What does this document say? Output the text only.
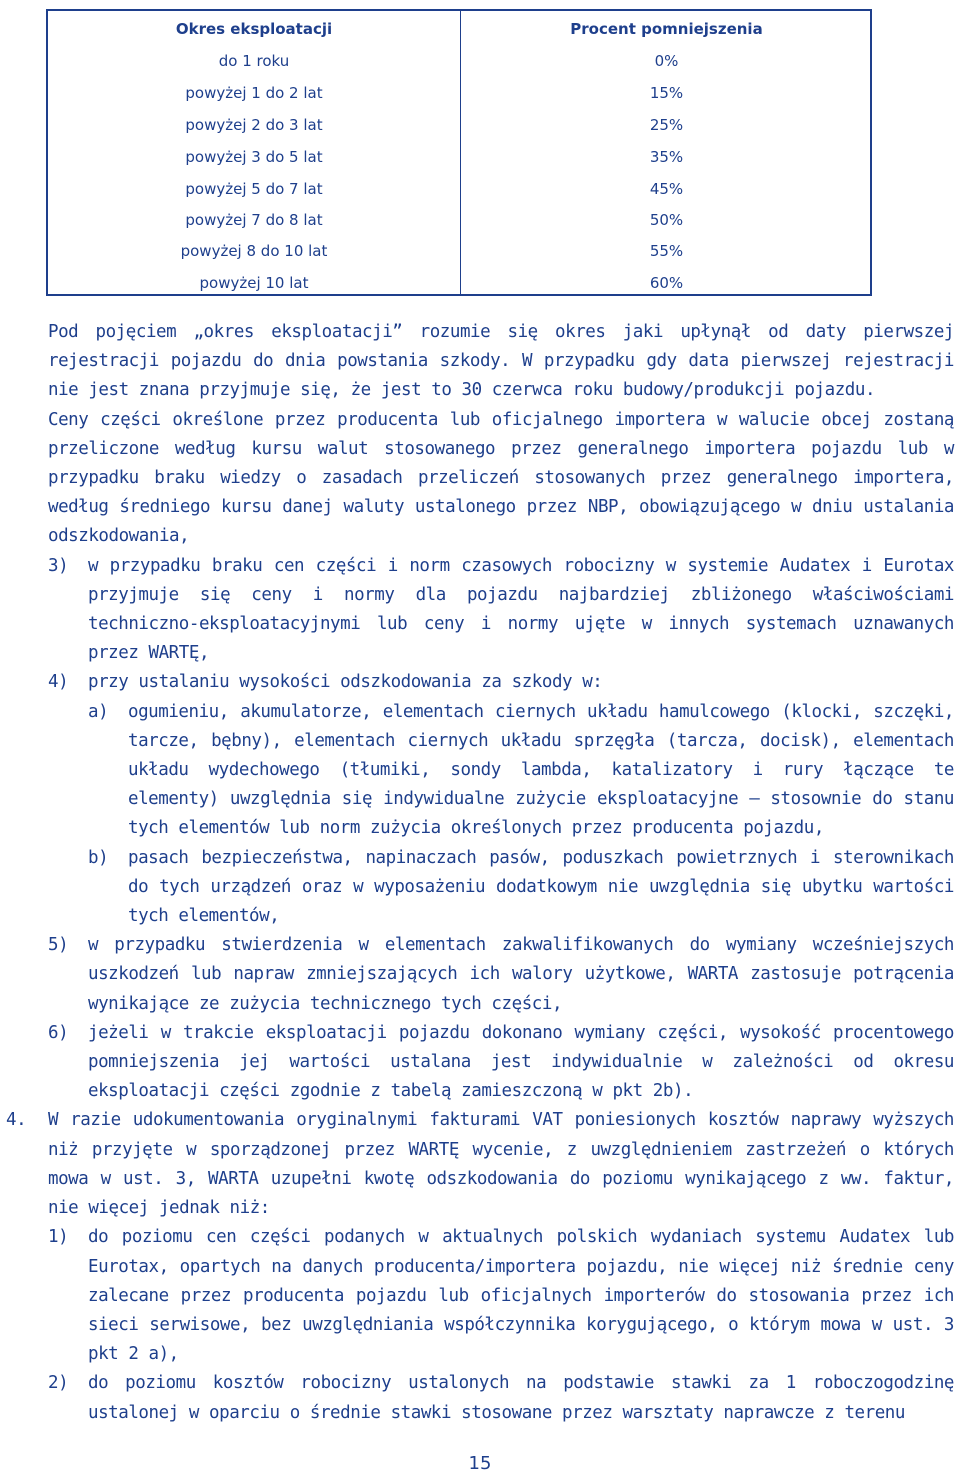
Okres eksploatacji	Procent pomniejszenia
do 1 roku	0%
powyżej 1 do 2 lat	15%
powyżej 2 do 3 lat	25%
powyżej 3 do 5 lat	35%
powyżej 5 do 7 lat	45%
powyżej 7 do 8 lat	50%
powyżej 8 do 10 lat	55%
powyżej 10 lat	60%

Pod pojęciem „okres eksploatacji” rozumie się okres jaki upłynął od daty pierwszej rejestracji pojazdu do dnia powstania szkody. W przypadku gdy data pierwszej rejestracji nie jest znana przyjmuje się, że jest to 30 czerwca roku budowy/produkcji pojazdu.

Ceny części określone przez producenta lub oficjalnego importera w walucie obcej zostaną przeliczone według kursu walut stosowanego przez generalnego importera pojazdu lub w przypadku braku wiedzy o zasadach przeliczeń stosowanych przez generalnego importera, według średniego kursu danej waluty ustalonego przez NBP, obowiązującego w dniu ustalania odszkodowania,

3) w przypadku braku cen części i norm czasowych robocizny w systemie Audatex i Eurotax przyjmuje się ceny i normy dla pojazdu najbardziej zbliżonego właściwościami techniczno-eksploatacyjnymi lub ceny i normy ujęte w innych systemach uznawanych przez WARTĘ,
4) przy ustalaniu wysokości odszkodowania za szkody w:
a) ogumieniu, akumulatorze, elementach ciernych układu hamulcowego (klocki, szczęki, tarcze, bębny), elementach ciernych układu sprzęgła (tarcza, docisk), elementach układu wydechowego (tłumiki, sondy lambda, katalizatory i rury łączące te elementy) uwzględnia się indywidualne zużycie eksploatacyjne – stosownie do stanu tych elementów lub norm zużycia określonych przez producenta pojazdu,
b) pasach bezpieczeństwa, napinaczach pasów, poduszkach powietrznych i sterownikach do tych urządzeń oraz w wyposażeniu dodatkowym nie uwzględnia się ubytku wartości tych elementów,
5) w przypadku stwierdzenia w elementach zakwalifikowanych do wymiany wcześniejszych uszkodzeń lub napraw zmniejszających ich walory użytkowe, WARTA zastosuje potrącenia wynikające ze zużycia technicznego tych części,
6) jeżeli w trakcie eksploatacji pojazdu dokonano wymiany części, wysokość procentowego pomniejszenia jej wartości ustalana jest indywidualnie w zależności od okresu eksploatacji części zgodnie z tabelą zamieszczoną w pkt 2b).
4. W razie udokumentowania oryginalnymi fakturami VAT poniesionych kosztów naprawy wyższych niż przyjęte w sporządzonej przez WARTĘ wycenie, z uwzględnieniem zastrzeżeń o których mowa w ust. 3, WARTA uzupełni kwotę odszkodowania do poziomu wynikającego z ww. faktur, nie więcej jednak niż:
1) do poziomu cen części podanych w aktualnych polskich wydaniach systemu Audatex lub Eurotax, opartych na danych producenta/importera pojazdu, nie więcej niż średnie ceny zalecane przez producenta pojazdu lub oficjalnych importerów do stosowania przez ich sieci serwisowe, bez uwzględniania współczynnika korygującego, o którym mowa w ust. 3 pkt 2 a),
2) do poziomu kosztów robocizny ustalonych na podstawie stawki za 1 roboczogodzinę ustalonej w oparciu o średnie stawki stosowane przez warsztaty naprawcze z terenu
15
